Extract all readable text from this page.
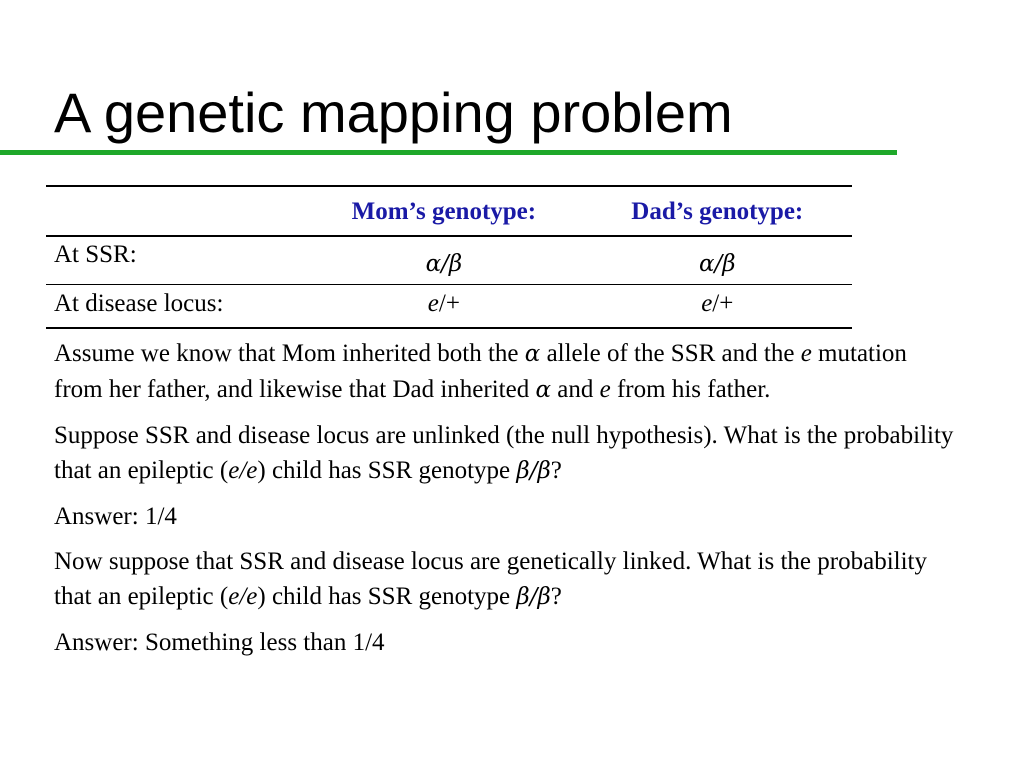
A genetic mapping problem
	Mom’s genotype:	Dad’s genotype:
At SSR:	α/β	α/β
At disease locus:	e/+	e/+

Assume we know that Mom inherited both the α allele of the SSR and the e mutation from her father, and likewise that Dad inherited α and e from his father.

Suppose SSR and disease locus are unlinked (the null hypothesis). What is the probability that an epileptic (e/e) child has SSR genotype β/β?

Answer: 1/4

Now suppose that SSR and disease locus are genetically linked. What is the probability that an epileptic (e/e) child has SSR genotype β/β?

Answer: Something less than 1/4
